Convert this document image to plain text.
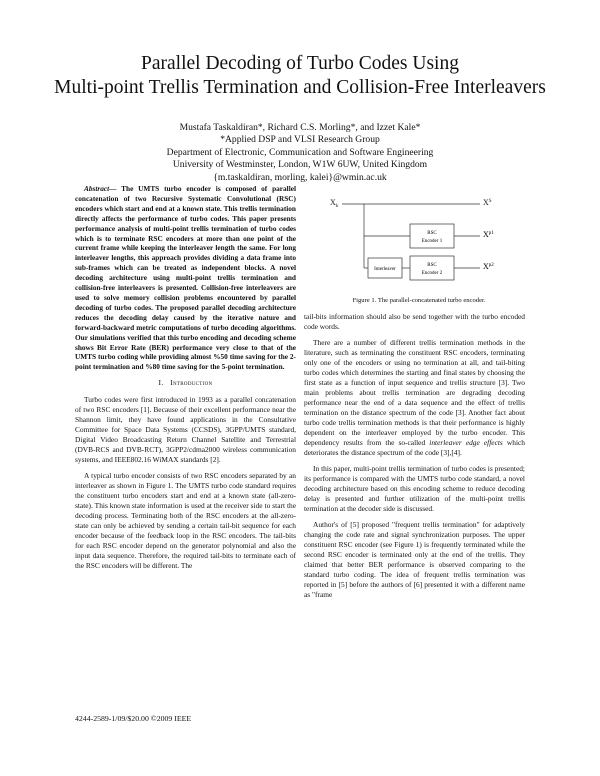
Parallel Decoding of Turbo Codes Using
Multi-point Trellis Termination and Collision-Free Interleavers
Mustafa Taskaldiran*, Richard C.S. Morling*, and Izzet Kale*
*Applied DSP and VLSI Research Group
Department of Electronic, Communication and Software Engineering
University of Westminster, London, W1W 6UW, United Kingdom
{m.taskaldiran, morling, kalei}@wmin.ac.uk

Abstract— The UMTS turbo encoder is composed of parallel concatenation of two Recursive Systematic Convolutional (RSC) encoders which start and end at a known state. This trellis termination directly affects the performance of turbo codes. This paper presents performance analysis of multi-point trellis termination of turbo codes which is to terminate RSC encoders at more than one point of the current frame while keeping the interleaver length the same. For long interleaver lengths, this approach provides dividing a data frame into sub-frames which can be treated as independent blocks. A novel decoding architecture using multi-point trellis termination and collision-free interleavers is presented. Collision-free interleavers are used to solve memory collision problems encountered by parallel decoding of turbo codes. The proposed parallel decoding architecture reduces the decoding delay caused by the iterative nature and forward-backward metric computations of turbo decoding algorithms. Our simulations verified that this turbo encoding and decoding scheme shows Bit Error Rate (BER) performance very close to that of the UMTS turbo coding while providing almost %50 time saving for the 2-point termination and %80 time saving for the 5-point termination.

I. Introduction

Turbo codes were first introduced in 1993 as a parallel concatenation of two RSC encoders [1]. Because of their excellent performance near the Shannon limit, they have found applications in the Consultative Committee for Space Data Systems (CCSDS), 3GPP/UMTS standard, Digital Video Broadcasting Return Channel Satellite and Terrestrial (DVB-RCS and DVB-RCT), 3GPP2/cdma2000 wireless communication systems, and IEEE802.16 WiMAX standards [2].

A typical turbo encoder consists of two RSC encoders separated by an interleaver as shown in Figure 1. The UMTS turbo code standard requires the constituent turbo encoders start and end at a known state (all-zero-state). This known state information is used at the receiver side to start the decoding process. Terminating both of the RSC encoders at the all-zero-state can only be achieved by sending a certain tail-bit sequence for each encoder because of the feedback loop in the RSC encoders. The tail-bits for each RSC encoder depend on the generator polynomial and also the input data sequence. Therefore, the required tail-bits to terminate each of the RSC encoders will be different. The

$X_k$	$X^S$
RSC
Encoder 1
$X^{p1}$
Interleaver
RSC
Encoder 2
$X^{p2}$

Figure 1. The parallel-concatenated turbo encoder.

tail-bits information should also be send together with the turbo encoded code words.

There are a number of different trellis termination methods in the literature, such as terminating the constituent RSC encoders, terminating only one of the encoders or using no termination at all, and tail-biting turbo codes which determines the starting and final states by choosing the first state as a function of input sequence and trellis structure [3]. Two main problems about trellis termination are degrading decoding performance near the end of a data sequence and the effect of trellis termination on the distance spectrum of the code [3]. Another fact about turbo code trellis termination methods is that their performance is highly dependent on the interleaver employed by the turbo encoder. This dependency results from the so-called interleaver edge effects which deteriorates the distance spectrum of the code [3],[4].

In this paper, multi-point trellis termination of turbo codes is presented; its performance is compared with the UMTS turbo code standard, a novel decoding architecture based on this encoding scheme to reduce decoding delay is presented and further utilization of the multi-point trellis termination at the decoder side is discussed.

Author's of [5] proposed "frequent trellis termination" for adaptively changing the code rate and signal synchronization purposes. The upper constituent RSC encoder (see Figure 1) is frequently terminated while the second RSC encoder is terminated only at the end of the trellis. They claimed that better BER performance is observed comparing to the standard turbo coding. The idea of frequent trellis termination was reported in [5] before the authors of [6] presented it with a different name as "frame

4244-2589-1/09/$20.00 ©2009 IEEE
